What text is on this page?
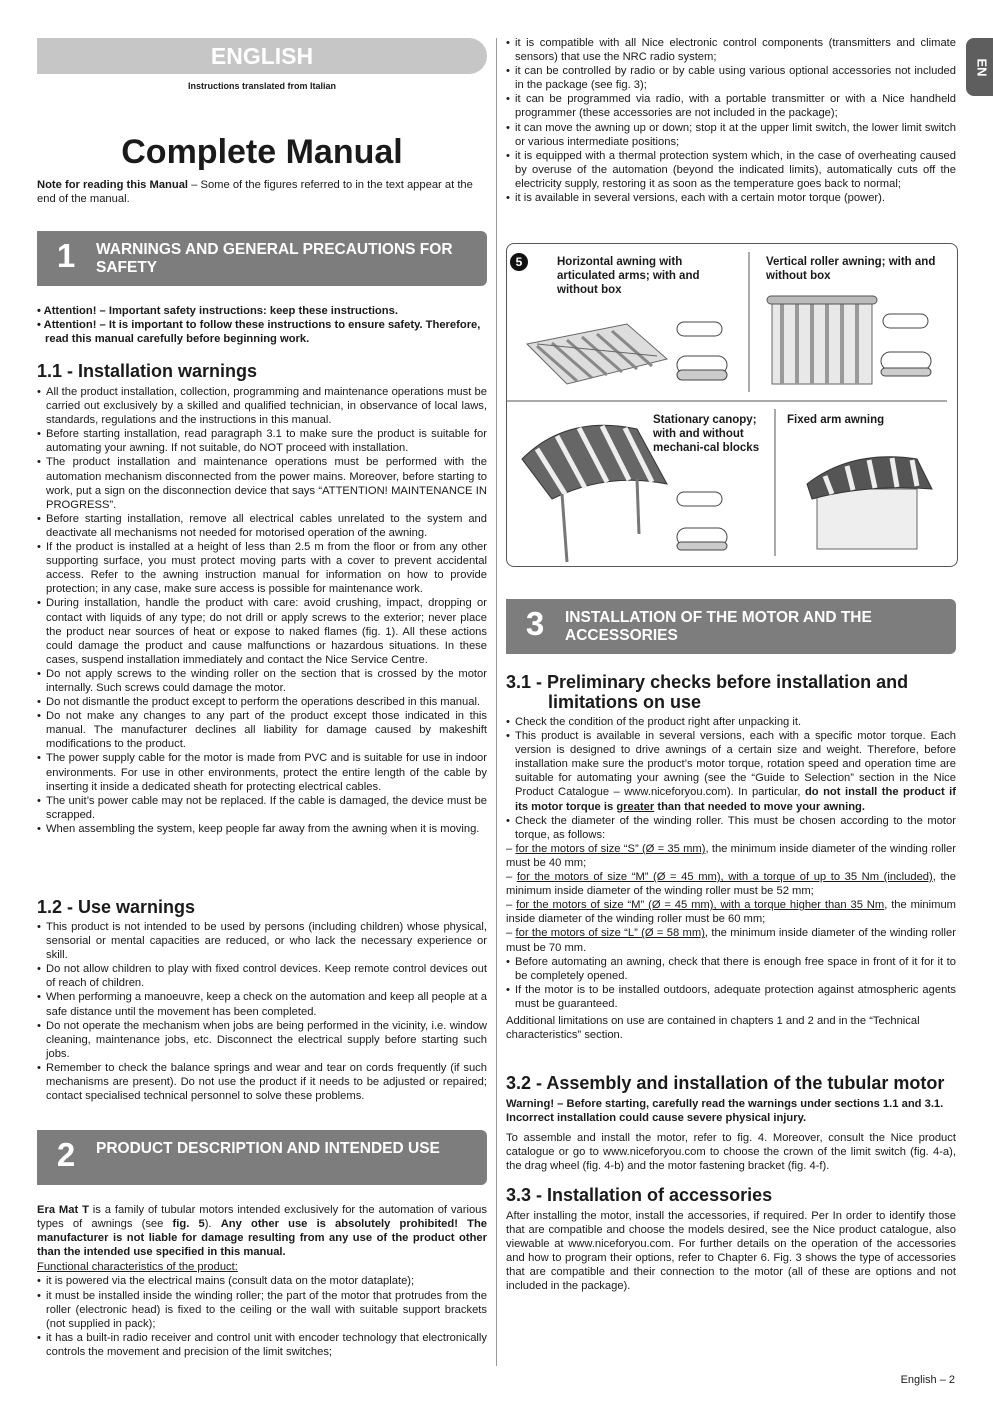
ENGLISH
Instructions translated from Italian
Complete Manual
Note for reading this Manual – Some of the figures referred to in the text appear at the end of the manual.
EN
1	WARNINGS AND GENERAL PRECAUTIONS FOR SAFETY

• Attention! – Important safety instructions: keep these instructions.

• Attention! – It is important to follow these instructions to ensure safety. Therefore, read this manual carefully before beginning work.

1.1 - Installation warnings
• All the product installation, collection, programming and maintenance operations must be carried out exclusively by a skilled and qualified technician, in observance of local laws, standards, regulations and the instructions in this manual.
• Before starting installation, read paragraph 3.1 to make sure the product is suitable for automating your awning. If not suitable, do NOT proceed with installation.
• The product installation and maintenance operations must be performed with the automation mechanism disconnected from the power mains. Moreover, before starting to work, put a sign on the disconnection device that says “ATTENTION! MAINTENANCE IN PROGRESS”.
• Before starting installation, remove all electrical cables unrelated to the system and deactivate all mechanisms not needed for motorised operation of the awning.
• If the product is installed at a height of less than 2.5 m from the floor or from any other supporting surface, you must protect moving parts with a cover to prevent accidental access. Refer to the awning instruction manual for information on how to provide protection; in any case, make sure access is possible for maintenance work.
• During installation, handle the product with care: avoid crushing, impact, dropping or contact with liquids of any type; do not drill or apply screws to the exterior; never place the product near sources of heat or expose to naked flames (fig. 1). All these actions could damage the product and cause malfunctions or hazardous situations. In these cases, suspend installation immediately and contact the Nice Service Centre.
• Do not apply screws to the winding roller on the section that is crossed by the motor internally. Such screws could damage the motor.
• Do not dismantle the product except to perform the operations described in this manual.
• Do not make any changes to any part of the product except those indicated in this manual. The manufacturer declines all liability for damage caused by makeshift modifications to the product.
• The power supply cable for the motor is made from PVC and is suitable for use in indoor environments. For use in other environments, protect the entire length of the cable by inserting it inside a dedicated sheath for protecting electrical cables.
• The unit’s power cable may not be replaced. If the cable is damaged, the device must be scrapped.
• When assembling the system, keep people far away from the awning when it is moving.
1.2 - Use warnings
• This product is not intended to be used by persons (including children) whose physical, sensorial or mental capacities are reduced, or who lack the necessary experience or skill.
• Do not allow children to play with fixed control devices. Keep remote control devices out of reach of children.
• When performing a manoeuvre, keep a check on the automation and keep all people at a safe distance until the movement has been completed.
• Do not operate the mechanism when jobs are being performed in the vicinity, i.e. window cleaning, maintenance jobs, etc. Disconnect the electrical supply before starting such jobs.
• Remember to check the balance springs and wear and tear on cords frequently (if such mechanisms are present). Do not use the product if it needs to be adjusted or repaired; contact specialised technical personnel to solve these problems.
2	PRODUCT DESCRIPTION AND INTENDED USE

Era Mat T is a family of tubular motors intended exclusively for the automation of various types of awnings (see fig. 5). Any other use is absolutely prohibited! The manufacturer is not liable for damage resulting from any use of the product other than the intended use specified in this manual.

Functional characteristics of the product:

• it is powered via the electrical mains (consult data on the motor dataplate);
• it must be installed inside the winding roller; the part of the motor that protrudes from the roller (electronic head) is fixed to the ceiling or the wall with suitable support brackets (not supplied in pack);
• it has a built-in radio receiver and control unit with encoder technology that electronically controls the movement and precision of the limit switches;
• it is compatible with all Nice electronic control components (transmitters and climate sensors) that use the NRC radio system;
• it can be controlled by radio or by cable using various optional accessories not included in the package (see fig. 3);
• it can be programmed via radio, with a portable transmitter or with a Nice handheld programmer (these accessories are not included in the package);
• it can move the awning up or down; stop it at the upper limit switch, the lower limit switch or various intermediate positions;
• it is equipped with a thermal protection system which, in the case of overheating caused by overuse of the automation (beyond the indicated limits), automatically cuts off the electricity supply, restoring it as soon as the temperature goes back to normal;
• it is available in several versions, each with a certain motor torque (power).
5	Horizontal awning with articulated arms; with and without box
Vertical roller awning; with and without box
Stationary canopy; with and without mechani-cal blocks
Fixed arm awning
3	INSTALLATION OF THE MOTOR AND THE ACCESSORIES
3.1 - Preliminary checks before installation and limitations on use
• Check the condition of the product right after unpacking it.
• This product is available in several versions, each with a specific motor torque. Each version is designed to drive awnings of a certain size and weight. Therefore, before installation make sure the product’s motor torque, rotation speed and operation time are suitable for automating your awning (see the “Guide to Selection” section in the Nice Product Catalogue – www.niceforyou.com). In particular, do not install the product if its motor torque is greater than that needed to move your awning.
• Check the diameter of the winding roller. This must be chosen according to the motor torque, as follows:

– for the motors of size “S” (Ø = 35 mm), the minimum inside diameter of the winding roller must be 40 mm;

– for the motors of size “M” (Ø = 45 mm), with a torque of up to 35 Nm (included), the minimum inside diameter of the winding roller must be 52 mm;

– for the motors of size “M” (Ø = 45 mm), with a torque higher than 35 Nm, the minimum inside diameter of the winding roller must be 60 mm;

– for the motors of size “L” (Ø = 58 mm), the minimum inside diameter of the winding roller must be 70 mm.

• Before automating an awning, check that there is enough free space in front of it for it to be completely opened.
• If the motor is to be installed outdoors, adequate protection against atmospheric agents must be guaranteed.

Additional limitations on use are contained in chapters 1 and 2 and in the “Technical characteristics” section.

3.2 - Assembly and installation of the tubular motor

Warning! – Before starting, carefully read the warnings under sections 1.1 and 3.1. Incorrect installation could cause severe physical injury.

To assemble and install the motor, refer to fig. 4. Moreover, consult the Nice product catalogue or go to www.niceforyou.com to choose the crown of the limit switch (fig. 4-a), the drag wheel (fig. 4-b) and the motor fastening bracket (fig. 4-f).

3.3 - Installation of accessories

After installing the motor, install the accessories, if required. Per In order to identify those that are compatible and choose the models desired, see the Nice product catalogue, also viewable at www.niceforyou.com. For further details on the operation of the accessories and how to program their options, refer to Chapter 6. Fig. 3 shows the type of accessories that are compatible and their connection to the motor (all of these are options and not included in the package).

English – 2
